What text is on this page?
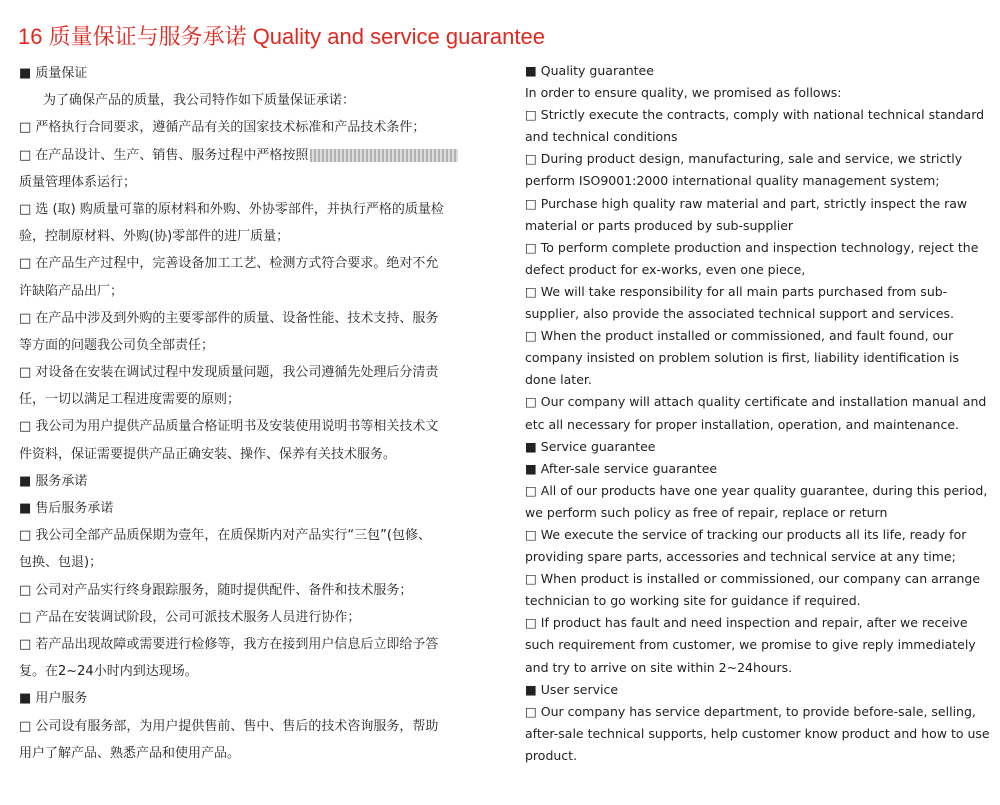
16 质量保证与服务承诺 Quality and service guarantee
■ 质量保证
为了确保产品的质量，我公司特作如下质量保证承诺：
□ 严格执行合同要求，遵循产品有关的国家技术标准和产品技术条件；
□ 在产品设计、生产、销售、服务过程中严格按照
质量管理体系运行；
□ 选 (取) 购质量可靠的原材料和外购、外协零部件，并执行严格的质量检
验，控制原材料、外购(协)零部件的进厂质量；
□ 在产品生产过程中，完善设备加工工艺、检测方式符合要求。绝对不允
许缺陷产品出厂；
□ 在产品中涉及到外购的主要零部件的质量、设备性能、技术支持、服务
等方面的问题我公司负全部责任；
□ 对设备在安装在调试过程中发现质量问题，我公司遵循先处理后分清责
任，一切以满足工程进度需要的原则；
□ 我公司为用户提供产品质量合格证明书及安装使用说明书等相关技术文
件资料，保证需要提供产品正确安装、操作、保养有关技术服务。
■ 服务承诺
■ 售后服务承诺
□ 我公司全部产品质保期为壹年，在质保斯内对产品实行“三包”(包修、
包换、包退)；
□ 公司对产品实行终身跟踪服务，随时提供配件、备件和技术服务；
□ 产品在安装调试阶段，公司可派技术服务人员进行协作；
□ 若产品出现故障或需要进行检修等，我方在接到用户信息后立即给予答
复。在2~24小时内到达现场。
■ 用户服务
□ 公司设有服务部，为用户提供售前、售中、售后的技术咨询服务，帮助
用户了解产品、熟悉产品和使用产品。
■ Quality guarantee
In order to ensure quality, we promised as follows:
□ Strictly execute the contracts, comply with national technical standard
and technical conditions
□ During product design, manufacturing, sale and service, we strictly
perform ISO9001:2000 international quality management system;
□ Purchase high quality raw material and part, strictly inspect the raw
material or parts produced by sub-supplier
□ To perform complete production and inspection technology, reject the
defect product for ex-works, even one piece,
□ We will take responsibility for all main parts purchased from sub-
supplier, also provide the associated technical support and services.
□ When the product installed or commissioned, and fault found, our
company insisted on problem solution is first, liability identification is
done later.
□ Our company will attach quality certificate and installation manual and
etc all necessary for proper installation, operation, and maintenance.
■ Service guarantee
■ After-sale service guarantee
□ All of our products have one year quality guarantee, during this period,
we perform such policy as free of repair, replace or return
□ We execute the service of tracking our products all its life, ready for
providing spare parts, accessories and technical service at any time;
□ When product is installed or commissioned, our company can arrange
technician to go working site for guidance if required.
□ If product has fault and need inspection and repair, after we receive
such requirement from customer, we promise to give reply immediately
and try to arrive on site within 2~24hours.
■ User service
□ Our company has service department, to provide before-sale, selling,
after-sale technical supports, help customer know product and how to use
product.
